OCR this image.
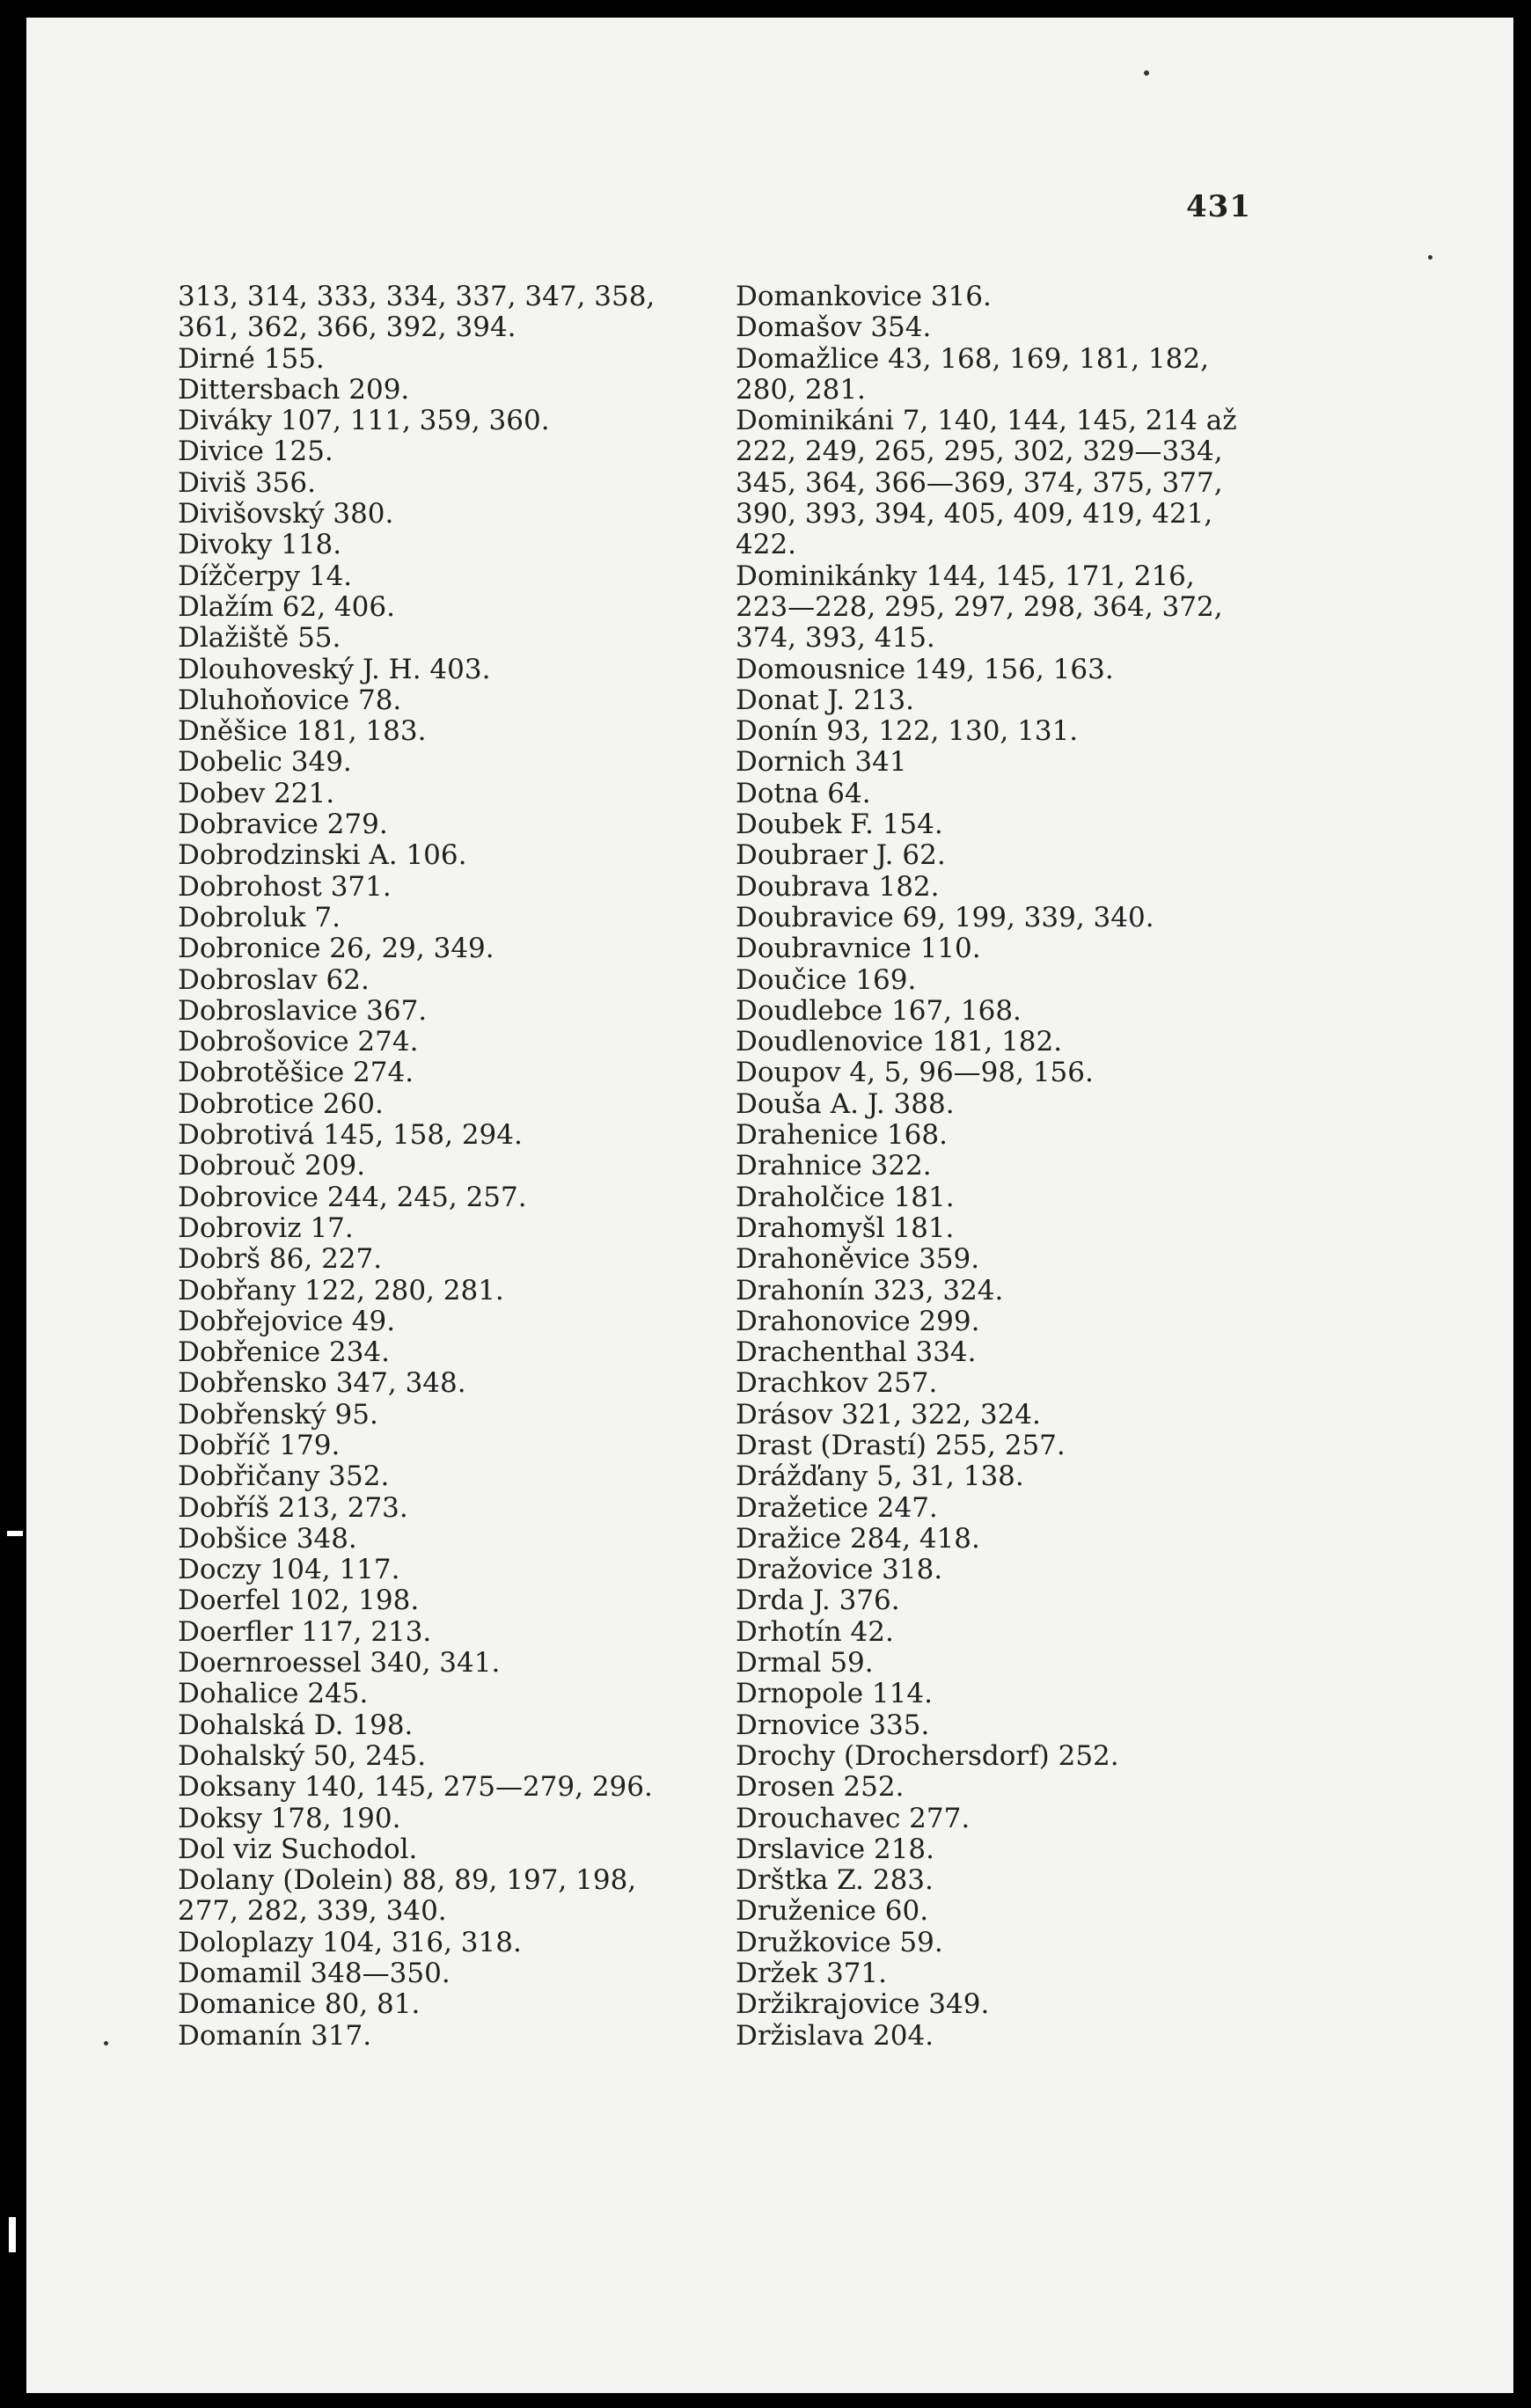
431
313, 314, 333, 334, 337, 347, 358,
361, 362, 366, 392, 394.
Dirné 155.
Dittersbach 209.
Diváky 107, 111, 359, 360.
Divice 125.
Diviš 356.
Divišovský 380.
Divoky 118.
Dížčerpy 14.
Dlažím 62, 406.
Dlažiště 55.
Dlouhoveský J. H. 403.
Dluhoňovice 78.
Dněšice 181, 183.
Dobelic 349.
Dobev 221.
Dobravice 279.
Dobrodzinski A. 106.
Dobrohost 371.
Dobroluk 7.
Dobronice 26, 29, 349.
Dobroslav 62.
Dobroslavice 367.
Dobrošovice 274.
Dobrotěšice 274.
Dobrotice 260.
Dobrotivá 145, 158, 294.
Dobrouč 209.
Dobrovice 244, 245, 257.
Dobroviz 17.
Dobrš 86, 227.
Dobřany 122, 280, 281.
Dobřejovice 49.
Dobřenice 234.
Dobřensko 347, 348.
Dobřenský 95.
Dobříč 179.
Dobřičany 352.
Dobříš 213, 273.
Dobšice 348.
Doczy 104, 117.
Doerfel 102, 198.
Doerfler 117, 213.
Doernroessel 340, 341.
Dohalice 245.
Dohalská D. 198.
Dohalský 50, 245.
Doksany 140, 145, 275—279, 296.
Doksy 178, 190.
Dol viz Suchodol.
Dolany (Dolein) 88, 89, 197, 198,
277, 282, 339, 340.
Doloplazy 104, 316, 318.
Domamil 348—350.
Domanice 80, 81.
Domanín 317.
Domankovice 316.
Domašov 354.
Domažlice 43, 168, 169, 181, 182,
280, 281.
Dominikáni 7, 140, 144, 145, 214 až
222, 249, 265, 295, 302, 329—334,
345, 364, 366—369, 374, 375, 377,
390, 393, 394, 405, 409, 419, 421,
422.
Dominikánky 144, 145, 171, 216,
223—228, 295, 297, 298, 364, 372,
374, 393, 415.
Domousnice 149, 156, 163.
Donat J. 213.
Donín 93, 122, 130, 131.
Dornich 341
Dotna 64.
Doubek F. 154.
Doubraer J. 62.
Doubrava 182.
Doubravice 69, 199, 339, 340.
Doubravnice 110.
Doučice 169.
Doudlebce 167, 168.
Doudlenovice 181, 182.
Doupov 4, 5, 96—98, 156.
Douša A. J. 388.
Drahenice 168.
Drahnice 322.
Draholčice 181.
Drahomyšl 181.
Drahoněvice 359.
Drahonín 323, 324.
Drahonovice 299.
Drachenthal 334.
Drachkov 257.
Drásov 321, 322, 324.
Drast (Drastí) 255, 257.
Drážďany 5, 31, 138.
Dražetice 247.
Dražice 284, 418.
Dražovice 318.
Drda J. 376.
Drhotín 42.
Drmal 59.
Drnopole 114.
Drnovice 335.
Drochy (Drochersdorf) 252.
Drosen 252.
Drouchavec 277.
Drslavice 218.
Drštka Z. 283.
Druženice 60.
Družkovice 59.
Držek 371.
Držikrajovice 349.
Držislava 204.
